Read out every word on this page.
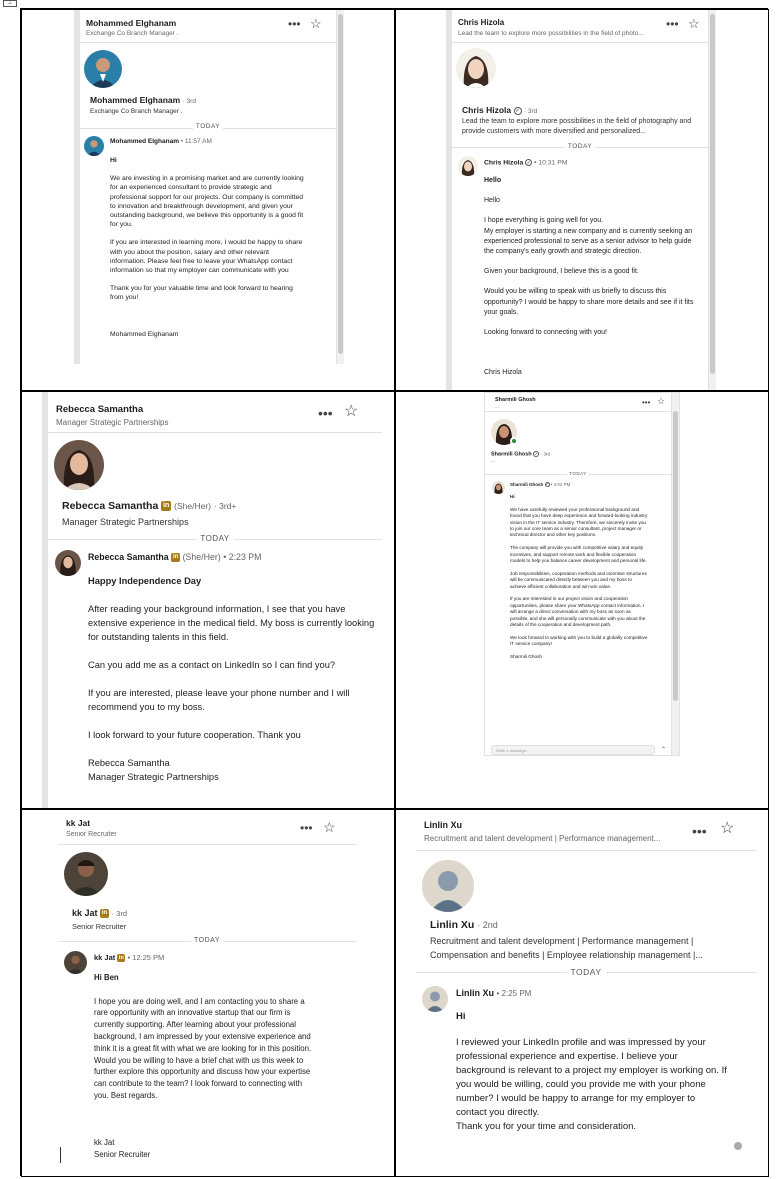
⊥
Mohammed Elghanam
Exchange Co Branch Manager .
••• ☆
Mohammed Elghanam · 3rd
Exchange Co Branch Manager .
TODAY
Mohammed Elghanam • 11:57 AM

Hi

We are investing in a promising market and are currently looking for an experienced consultant to provide strategic and professional support for our projects. Our company is committed to innovation and breakthrough development, and given your outstanding background, we believe this opportunity is a good fit for you.

If you are interested in learning more, I would be happy to share with you about the position, salary and other relevant information. Please feel free to leave your WhatsApp contact information so that my employer can communicate with you

Thank you for your valuable time and look forward to hearing from you!

Mohammed Elghanam

Chris Hizola
Lead the team to explore more possibilities in the field of photo...
••• ☆
Chris Hizola ✓ · 3rd
Lead the team to explore more possibilities in the field of photography and provide customers with more diversified and personalized...
TODAY
Chris Hizola ✓ • 10:31 PM

Hello

Hello

I hope everything is going well for you.
My employer is starting a new company and is currently seeking an experienced professional to serve as a senior advisor to help guide the company's early growth and strategic direction.

Given your background, I believe this is a good fit.

Would you be willing to speak with us briefly to discuss this opportunity? I would be happy to share more details and see if it fits your goals.

Looking forward to connecting with you!

Chris Hizola

Rebecca Samantha
Manager Strategic Partnerships
••• ☆
Rebecca Samantha in (She/Her) · 3rd+
Manager Strategic Partnerships
TODAY
Rebecca Samantha in (She/Her) • 2:23 PM

Happy Independence Day

After reading your background information, I see that you have extensive experience in the medical field. My boss is currently looking for outstanding talents in this field.

Can you add me as a contact on LinkedIn so I can find you?

If you are interested, please leave your phone number and I will recommend you to my boss.

I look forward to your future cooperation. Thank you

Rebecca Samantha
Manager Strategic Partnerships

Sharmili Ghosh
...	••• ☆
Sharmili Ghosh ✓ · 3rd
...
TODAY
Sharmili Ghosh ✓ • 4:02 PM

Hi

We have carefully reviewed your professional background and found that you have deep experience and forward-looking industry vision in the IT service industry. Therefore, we sincerely invite you to join our core team as a senior consultant, project manager or technical director and other key positions.

The company will provide you with competitive salary and equity incentives, and support remote work and flexible cooperation models to help you balance career development and personal life.

Job responsibilities, cooperation methods and incentive structures will be communicated directly between you and my boss to achieve efficient collaboration and win-win value.

If you are interested in our project vision and cooperation opportunities, please share your WhatsApp contact information. I will arrange a direct conversation with my boss as soon as possible, and she will personally communicate with you about the details of the cooperation and development path.

We look forward to working with you to build a globally competitive IT service company!

Sharmili Ghosh

Write a message...	⌃
kk Jat
Senior Recruiter	••• ☆
kk Jat in · 3rd
Senior Recruiter
TODAY
kk Jat in • 12:25 PM

Hi Ben

I hope you are doing well, and I am contacting you to share a rare opportunity with an innovative startup that our firm is currently supporting. After learning about your professional background, I am impressed by your extensive experience and think it is a great fit with what we are looking for in this position. Would you be willing to have a brief chat with us this week to further explore this opportunity and discuss how your expertise can contribute to the team? I look forward to connecting with you. Best regards.

kk Jat
Senior Recruiter

Linlin Xu
Recruitment and talent development | Performance management...	••• ☆
Linlin Xu · 2nd
Recruitment and talent development | Performance management | Compensation and benefits | Employee relationship management |...
TODAY
Linlin Xu • 2:25 PM

Hi

I reviewed your LinkedIn profile and was impressed by your professional experience and expertise. I believe your background is relevant to a project my employer is working on. If you would be willing, could you provide me with your phone number? I would be happy to arrange for my employer to contact you directly.
Thank you for your time and consideration.
